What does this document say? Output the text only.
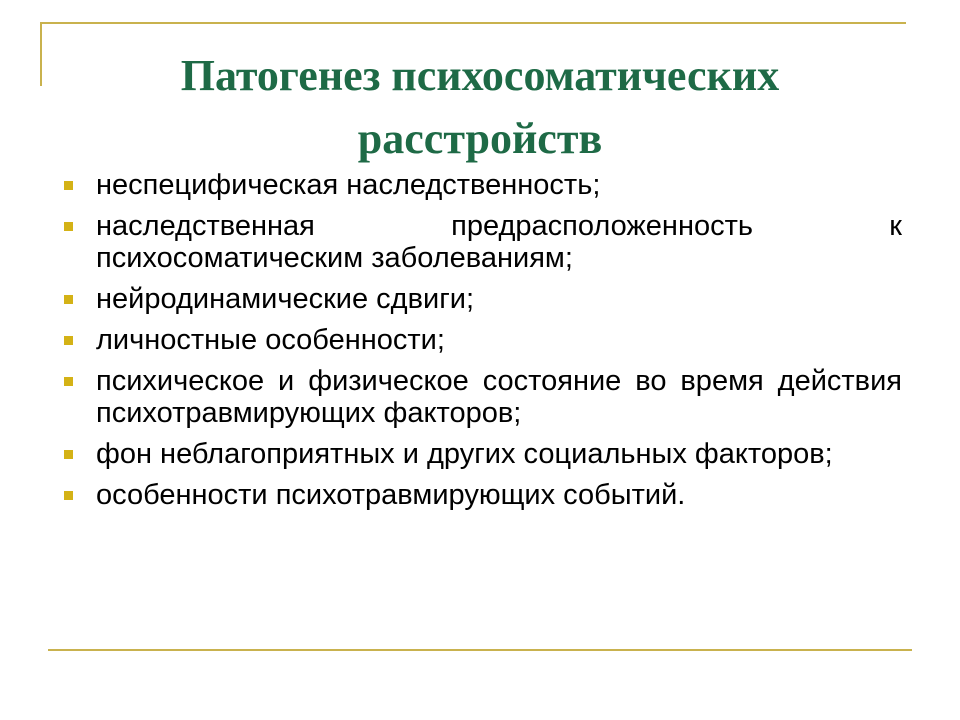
Патогенез психосоматических
расстройств
неспецифическая наследственность;
наследственная предрасположенность к психосоматическим заболеваниям;
нейродинамические сдвиги;
личностные особенности;
психическое и физическое состояние во время действия психотравмирующих факторов;
фон неблагоприятных и других социальных факторов;
особенности психотравмирующих событий.
